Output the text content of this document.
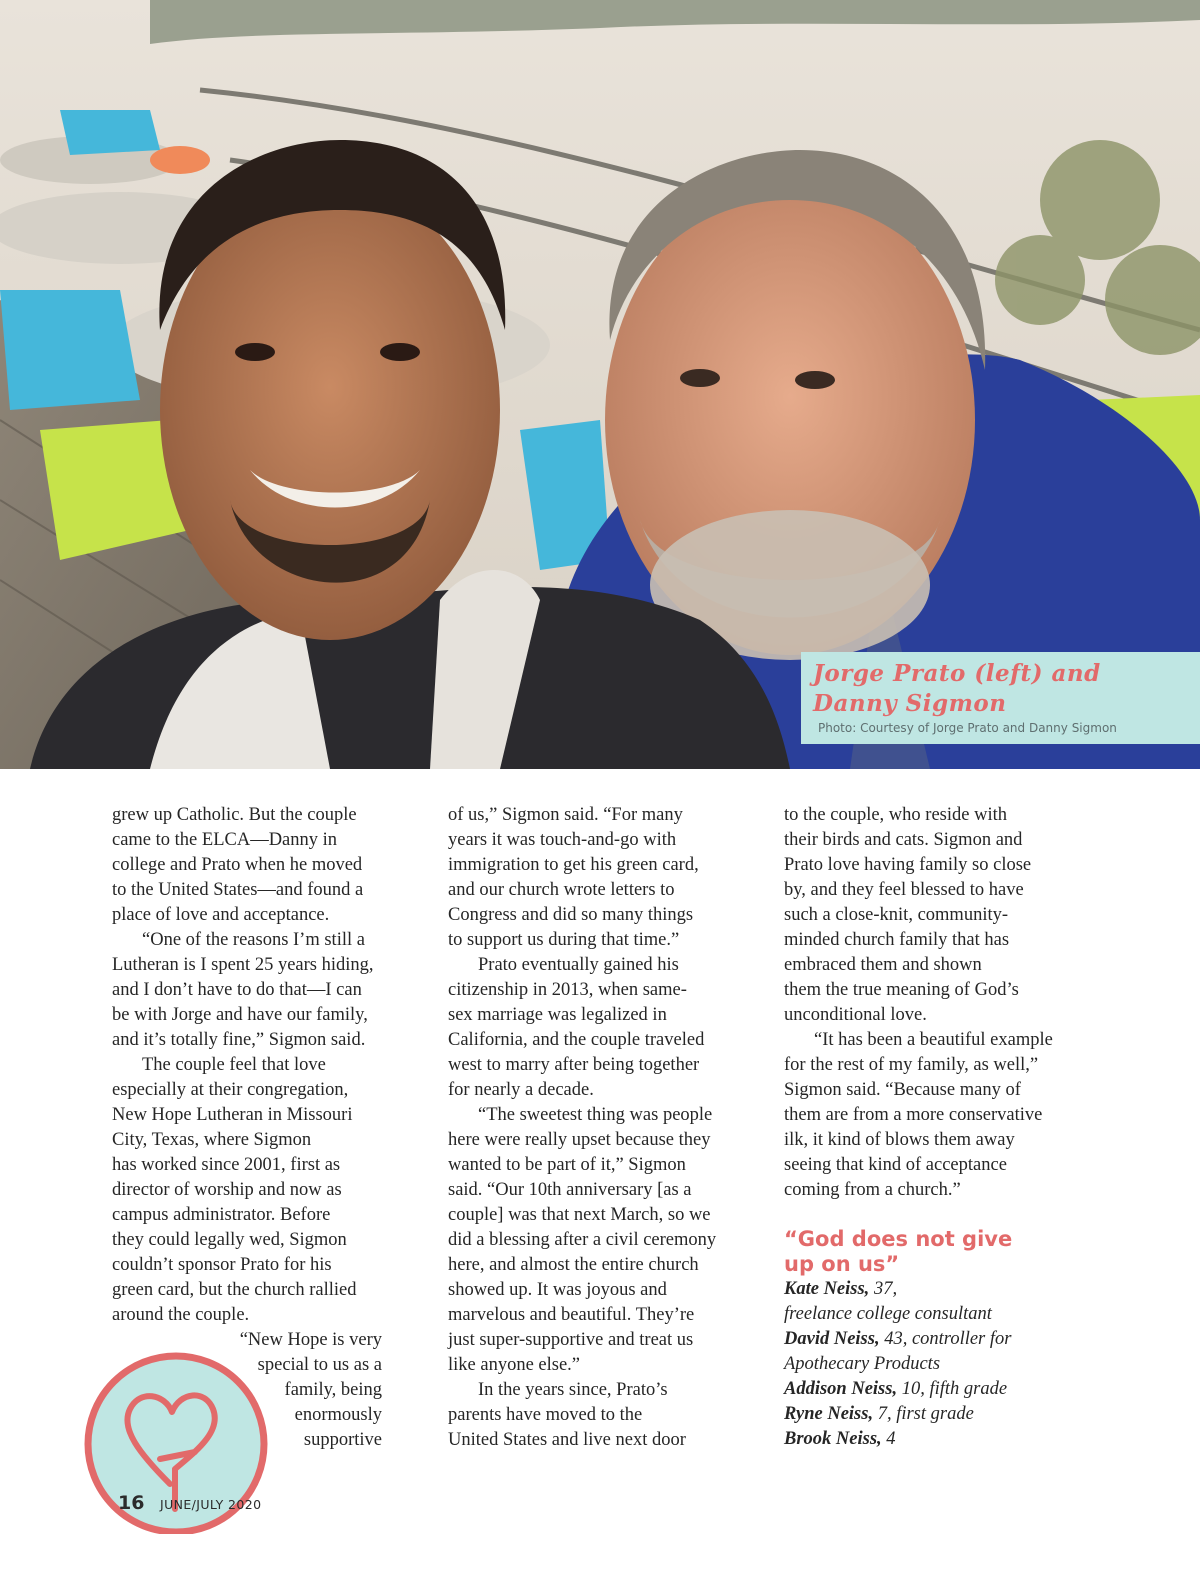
Jorge Prato (left) and
Danny Sigmon
Photo: Courtesy of Jorge Prato and Danny Sigmon

grew up Catholic. But the couple
came to the ELCA—Danny in
college and Prato when he moved
to the United States—and found a
place of love and acceptance.

“One of the reasons I’m still a
Lutheran is I spent 25 years hiding,
and I don’t have to do that—I can
be with Jorge and have our family,
and it’s totally fine,” Sigmon said.

The couple feel that love
especially at their congregation,
New Hope Lutheran in Missouri
City, Texas, where Sigmon
has worked since 2001, first as
director of worship and now as
campus administrator. Before
they could legally wed, Sigmon
couldn’t sponsor Prato for his
green card, but the church rallied
around the couple.

“New Hope is very
special to us as a
family, being
enormously
supportive

of us,” Sigmon said. “For many
years it was touch-and-go with
immigration to get his green card,
and our church wrote letters to
Congress and did so many things
to support us during that time.”

Prato eventually gained his
citizenship in 2013, when same-
sex marriage was legalized in
California, and the couple traveled
west to marry after being together
for nearly a decade.

“The sweetest thing was people
here were really upset because they
wanted to be part of it,” Sigmon
said. “Our 10th anniversary [as a
couple] was that next March, so we
did a blessing after a civil ceremony
here, and almost the entire church
showed up. It was joyous and
marvelous and beautiful. They’re
just super-supportive and treat us
like anyone else.”

In the years since, Prato’s
parents have moved to the
United States and live next door

to the couple, who reside with
their birds and cats. Sigmon and
Prato love having family so close
by, and they feel blessed to have
such a close-knit, community-
minded church family that has
embraced them and shown
them the true meaning of God’s
unconditional love.

“It has been a beautiful example
for the rest of my family, as well,”
Sigmon said. “Because many of
them are from a more conservative
ilk, it kind of blows them away
seeing that kind of acceptance
coming from a church.”

“God does not give
up on us”
Kate Neiss, 37,
freelance college consultant
David Neiss, 43, controller for
Apothecary Products
Addison Neiss, 10, fifth grade
Ryne Neiss, 7, first grade
Brook Neiss, 4
16 JUNE/JULY 2020
